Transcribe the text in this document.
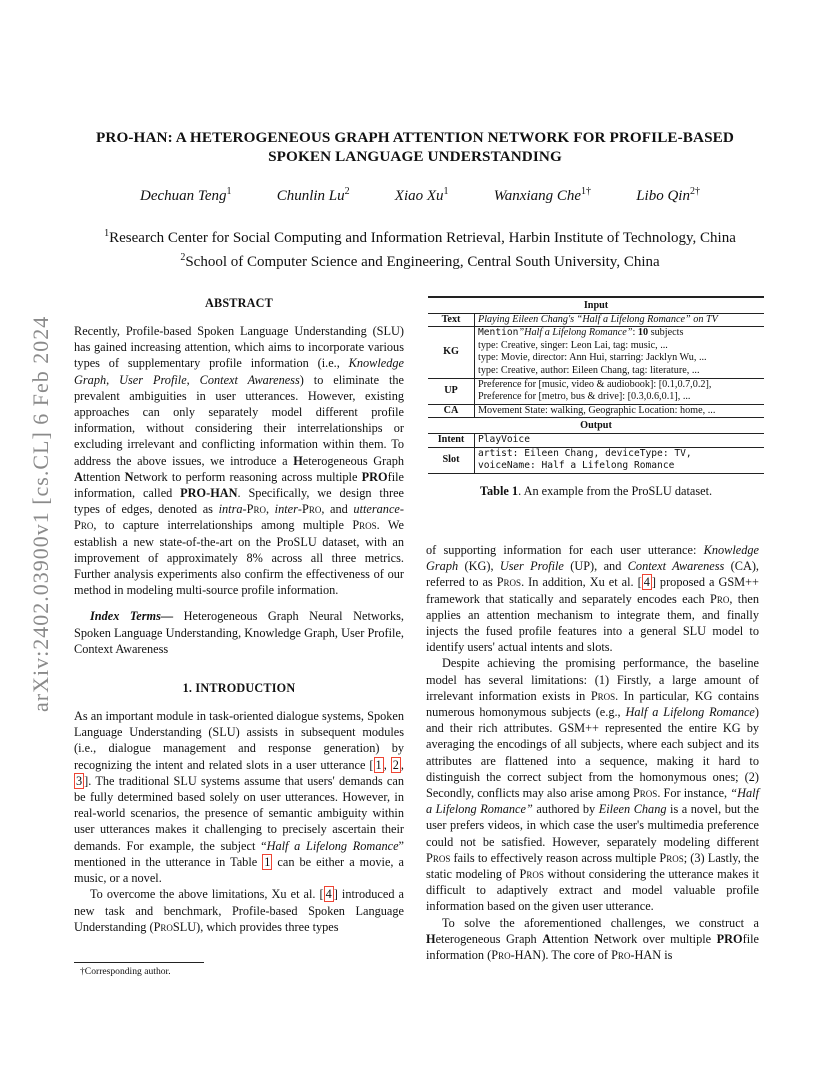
arXiv:2402.03900v1 [cs.CL] 6 Feb 2024
PRO-HAN: A HETEROGENEOUS GRAPH ATTENTION NETWORK FOR PROFILE-BASED SPOKEN LANGUAGE UNDERSTANDING
Dechuan Teng$^1$	Chunlin Lu$^2$	Xiao Xu$^1$	Wanxiang Che$^{1\dagger}$	Libo Qin$^{2\dagger}$
$^1$Research Center for Social Computing and Information Retrieval, Harbin Institute of Technology, China
$^2$School of Computer Science and Engineering, Central South University, China
ABSTRACT

Recently, Profile-based Spoken Language Understanding (SLU) has gained increasing attention, which aims to incorporate various types of supplementary profile information (i.e., Knowledge Graph, User Profile, Context Awareness) to eliminate the prevalent ambiguities in user utterances. However, existing approaches can only separately model different profile information, without considering their interrelationships or excluding irrelevant and conflicting information within them. To address the above issues, we introduce a Heterogeneous Graph Attention Network to perform reasoning across multiple PROfile information, called PRO-HAN. Specifically, we design three types of edges, denoted as intra-Pro, inter-Pro, and utterance-Pro, to capture interrelationships among multiple Pros. We establish a new state-of-the-art on the ProSLU dataset, with an improvement of approximately 8% across all three metrics. Further analysis experiments also confirm the effectiveness of our method in modeling multi-source profile information.

Index Terms— Heterogeneous Graph Neural Networks, Spoken Language Understanding, Knowledge Graph, User Profile, Context Awareness

1. INTRODUCTION

As an important module in task-oriented dialogue systems, Spoken Language Understanding (SLU) assists in subsequent modules (i.e., dialogue management and response generation) by recognizing the intent and related slots in a user utterance [ 1 , 2 , 3 ]. The traditional SLU systems assume that users' demands can be fully determined based solely on user utterances. However, in real-world scenarios, the presence of semantic ambiguity within user utterances makes it challenging to precisely ascertain their demands. For example, the subject “Half a Lifelong Romance” mentioned in the utterance in Table 1 can be either a movie, a music, or a novel.

To overcome the above limitations, Xu et al. [ 4 ] introduced a new task and benchmark, Profile-based Spoken Language Understanding (ProSLU), which provides three types

†Corresponding author.
Input	
Text	Playing Eileen Chang's “Half a Lifelong Romance” on TV
KG	Mention”Half a Lifelong Romance”: 10 subjects
type: Creative, singer: Leon Lai, tag: music, ...
type: Movie, director: Ann Hui, starring: Jacklyn Wu, ...
type: Creative, author: Eileen Chang, tag: literature, ...

UP	Preference for [music, video & audiobook]: [0.1,0.7,0.2],
Preference for [metro, bus & drive]: [0.3,0.6,0.1], ...

CA	Movement State: walking, Geographic Location: home, ...
Output	
Intent	PlayVoice
Slot	artist: Eileen Chang, deviceType: TV,
voiceName: Half a Lifelong Romance
Table 1. An example from the ProSLU dataset.

of supporting information for each user utterance: Knowledge Graph (KG), User Profile (UP), and Context Awareness (CA), referred to as Pros. In addition, Xu et al. [ 4 ] proposed a GSM++ framework that statically and separately encodes each Pro, then applies an attention mechanism to integrate them, and finally injects the fused profile features into a general SLU model to identify users' actual intents and slots.

Despite achieving the promising performance, the baseline model has several limitations: (1) Firstly, a large amount of irrelevant information exists in Pros. In particular, KG contains numerous homonymous subjects (e.g., Half a Lifelong Romance) and their rich attributes. GSM++ represented the entire KG by averaging the encodings of all subjects, where each subject and its attributes are flattened into a sequence, making it hard to distinguish the correct subject from the homonymous ones; (2) Secondly, conflicts may also arise among Pros. For instance, “Half a Lifelong Romance” authored by Eileen Chang is a novel, but the user prefers videos, in which case the user's multimedia preference could not be satisfied. However, separately modeling different Pros fails to effectively reason across multiple Pros; (3) Lastly, the static modeling of Pros without considering the utterance makes it difficult to adaptively extract and model valuable profile information based on the given user utterance.

To solve the aforementioned challenges, we construct a Heterogeneous Graph Attention Network over multiple PROfile information (Pro-HAN). The core of Pro-HAN is
